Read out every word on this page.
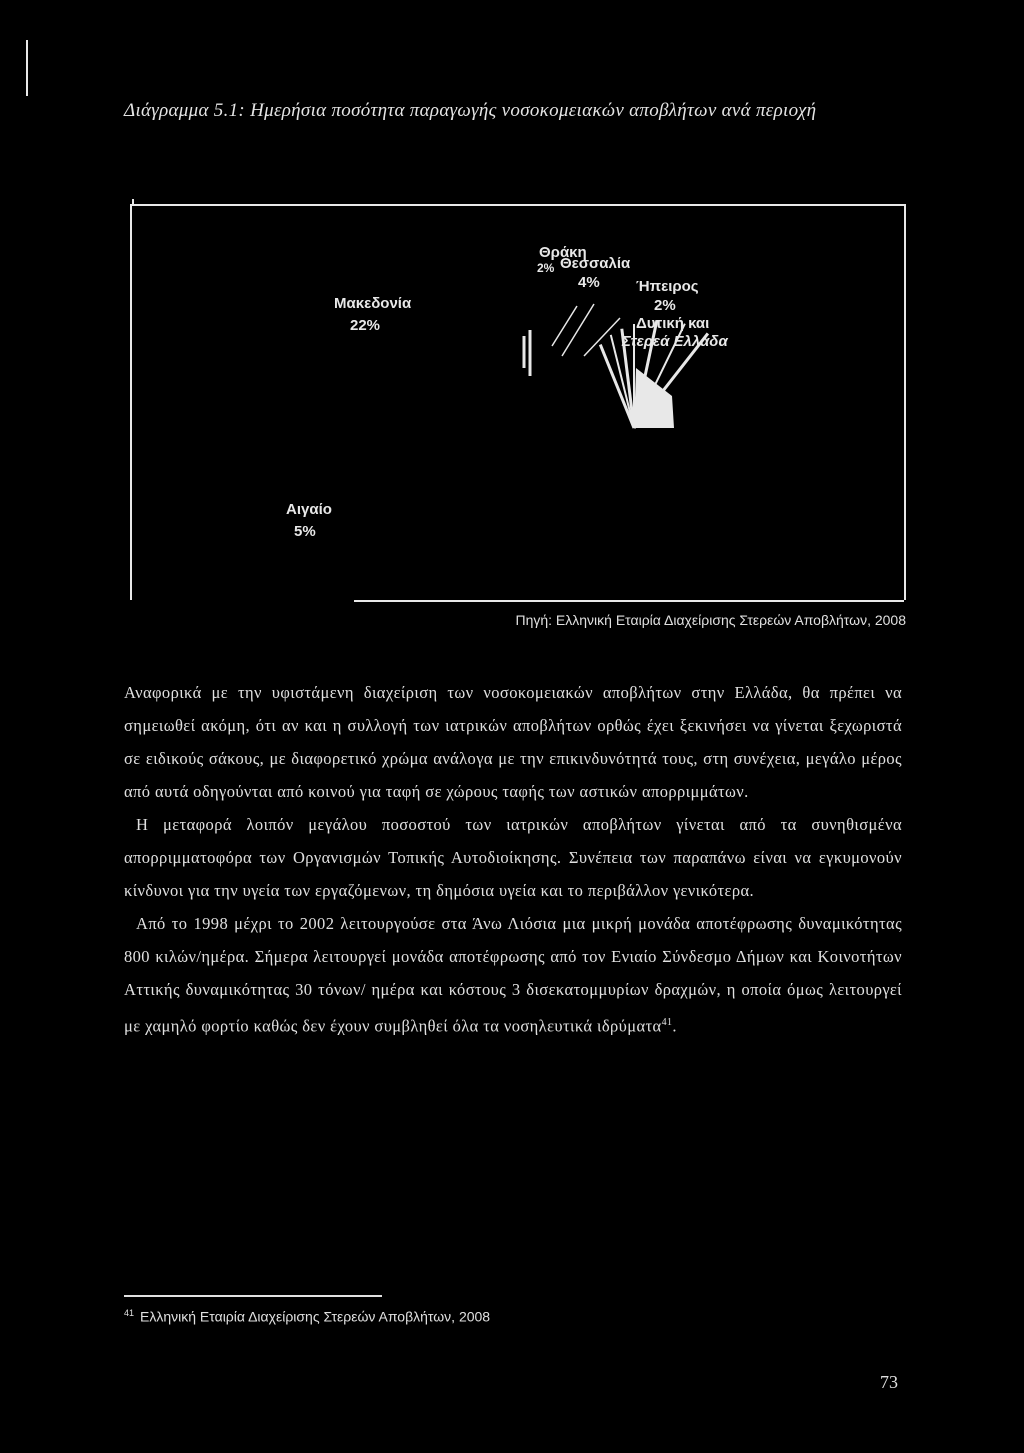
Διάγραμμα 5.1: Ημερήσια ποσότητα παραγωγής νοσοκομειακών αποβλήτων ανά περιοχή
Μακεδονία
22%
Θράκη
2% Θεσσαλία
4% Ήπειρος
2%
Δυτική και
Στερεά Ελλάδα
Αιγαίο
5%
Πηγή: Ελληνική Εταιρία Διαχείρισης Στερεών Αποβλήτων, 2008

Αναφορικά με την υφιστάμενη διαχείριση των νοσοκομειακών αποβλήτων στην Ελλάδα, θα πρέπει να σημειωθεί ακόμη, ότι αν και η συλλογή των ιατρικών αποβλήτων ορθώς έχει ξεκινήσει να γίνεται ξεχωριστά σε ειδικούς σάκους, με διαφορετικό χρώμα ανάλογα με την επικινδυνότητά τους, στη συνέχεια, μεγάλο μέρος από αυτά οδηγούνται από κοινού για ταφή σε χώρους ταφής των αστικών απορριμμάτων.

Η μεταφορά λοιπόν μεγάλου ποσοστού των ιατρικών αποβλήτων γίνεται από τα συνηθισμένα απορριμματοφόρα των Οργανισμών Τοπικής Αυτοδιοίκησης. Συνέπεια των παραπάνω είναι να εγκυμονούν κίνδυνοι για την υγεία των εργαζόμενων, τη δημόσια υγεία και το περιβάλλον γενικότερα.

Από το 1998 μέχρι το 2002 λειτουργούσε στα Άνω Λιόσια μια μικρή μονάδα αποτέφρωσης δυναμικότητας 800 κιλών/ημέρα. Σήμερα λειτουργεί μονάδα αποτέφρωσης από τον Ενιαίο Σύνδεσμο Δήμων και Κοινοτήτων Αττικής δυναμικότητας 30 τόνων/ ημέρα και κόστους 3 δισεκατομμυρίων δραχμών, η οποία όμως λειτουργεί με χαμηλό φορτίο καθώς δεν έχουν συμβληθεί όλα τα νοσηλευτικά ιδρύματα$^{41}$.

$^{41}$ Ελληνική Εταιρία Διαχείρισης Στερεών Αποβλήτων, 2008
73
